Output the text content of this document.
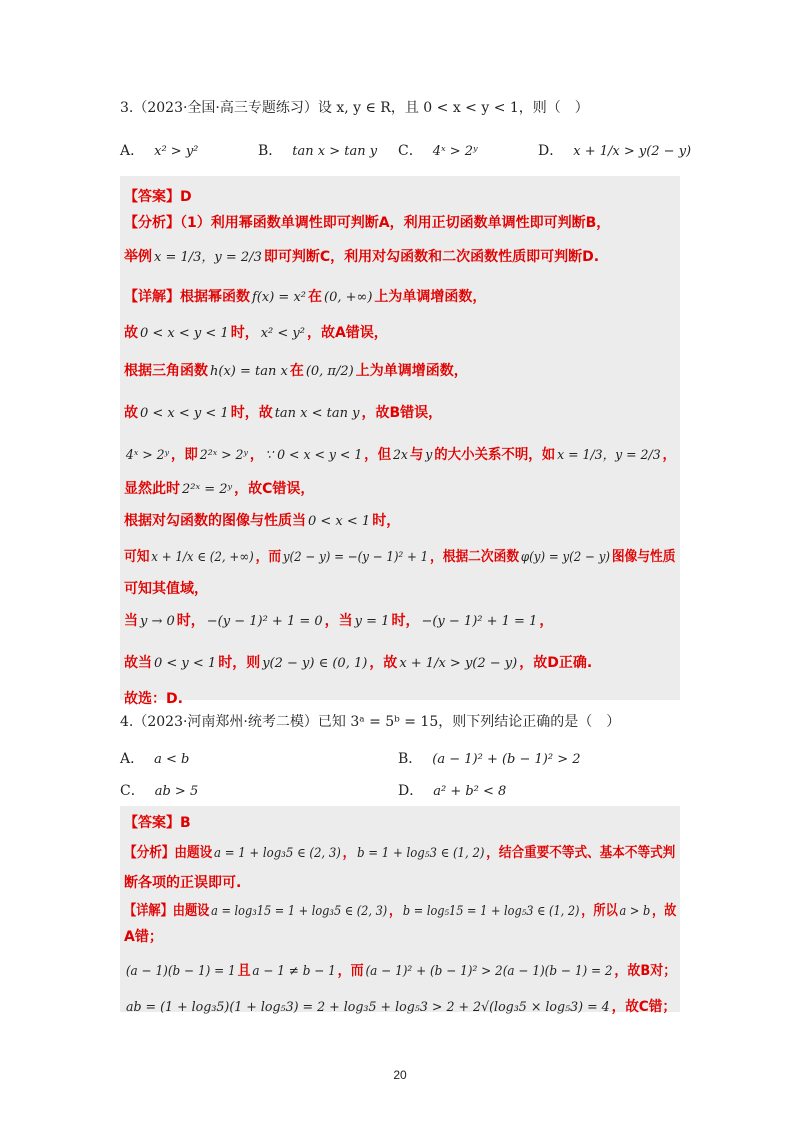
3.（2023·全国·高三专题练习）设 x, y ∈ R，且 0 < x < y < 1，则（　）
A． x² > y²	B． tan x > tan y C． 4ˣ > 2ʸ	D． x + 1/x > y(2 − y)
【答案】D
【分析】（1）利用幂函数单调性即可判断A，利用正切函数单调性即可判断B，
举例 x = 1/3，y = 2/3 即可判断C，利用对勾函数和二次函数性质即可判断D.
【详解】根据幂函数 f(x) = x² 在 (0, +∞) 上为单调增函数，
故 0 < x < y < 1 时， x² < y² ，故A错误，
根据三角函数 h(x) = tan x 在 (0, π/2) 上为单调增函数，
故 0 < x < y < 1 时，故 tan x < tan y ，故B错误，
4ˣ > 2ʸ ，即 2²ˣ > 2ʸ ， ∵ 0 < x < y < 1 ，但 2x 与 y 的大小关系不明，如 x = 1/3，y = 2/3 ，
显然此时 2²ˣ = 2ʸ ，故C错误，
根据对勾函数的图像与性质当 0 < x < 1 时，
可知 x + 1/x ∈ (2, +∞) ，而 y(2 − y) = −(y − 1)² + 1 ，根据二次函数 φ(y) = y(2 − y) 图像与性质
可知其值域，
当 y → 0 时， −(y − 1)² + 1 = 0 ，当 y = 1 时， −(y − 1)² + 1 = 1 ，
故当 0 < y < 1 时，则 y(2 − y) ∈ (0, 1) ，故 x + 1/x > y(2 − y) ，故D正确.
故选：D.
4.（2023·河南郑州·统考二模）已知 3ᵃ = 5ᵇ = 15，则下列结论正确的是（　）
A． a < b	B． (a − 1)² + (b − 1)² > 2
C． ab > 5	D． a² + b² < 8
【答案】B
【分析】由题设 a = 1 + log₃5 ∈ (2, 3) ， b = 1 + log₅3 ∈ (1, 2) ，结合重要不等式、基本不等式判
断各项的正误即可.
【详解】由题设 a = log₃15 = 1 + log₃5 ∈ (2, 3) ， b = log₅15 = 1 + log₅3 ∈ (1, 2) ，所以 a > b ，故
A错；
(a − 1)(b − 1) = 1 且 a − 1 ≠ b − 1 ，而 (a − 1)² + (b − 1)² > 2(a − 1)(b − 1) = 2 ，故B对；
ab = (1 + log₃5)(1 + log₅3) = 2 + log₃5 + log₅3 > 2 + 2√(log₃5 × log₅3) = 4 ，故C错；
20
